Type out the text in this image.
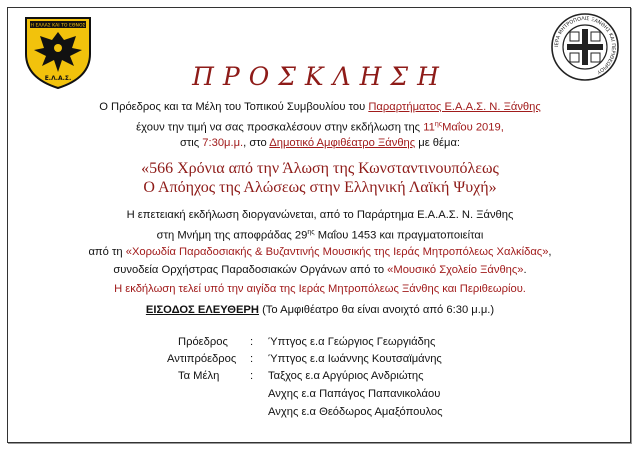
Η ΕΛΛΑΣ ΚΑΙ ΤΟ ΕΘΝΟΣ
Ε.Λ.Α.Σ.
ΙΕΡΑ ΜΗΤΡΟΠΟΛΙΣ ΞΑΝΘΗΣ ΚΑΙ ΠΕΡΙΘΕΩΡΙΟΥ
ΠΡΟΣΚΛΗΣΗ
Ο Πρόεδρος και τα Μέλη του Τοπικού Συμβουλίου του Παραρτήματος Ε.Α.Α.Σ. Ν. Ξάνθης
έχουν την τιμή να σας προσκαλέσουν στην εκδήλωση της $11^{\eta\varsigma}M\alpha ΐo\upsilon$ 2019,
στις 7:30μ.μ., στο Δημοτικό Αμφιθέατρο Ξάνθης με θέμα:
«566 Χρόνια από την Άλωση της Κωνσταντινουπόλεως
Ο Απόηχος της Αλώσεως στην Ελληνική Λαϊκή Ψυχή»
Η επετειακή εκδήλωση διοργανώνεται, από το Παράρτημα Ε.Α.Α.Σ. Ν. Ξάνθης
στη Μνήμη της αποφράδας $29^{\eta\varsigma}$ Μαΐου 1453 και πραγματοποιείται
από τη «Χορωδία Παραδοσιακής & Βυζαντινής Μουσικής της Ιεράς Μητροπόλεως Χαλκίδας»,
συνοδεία Ορχήστρας Παραδοσιακών Οργάνων από το «Μουσικό Σχολείο Ξάνθης».
Η εκδήλωση τελεί υπό την αιγίδα της Ιεράς Μητροπόλεως Ξάνθης και Περιθεωρίου.
ΕΙΣΟΔΟΣ ΕΛΕΥΘΕΡΗ (Το Αμφιθέατρο θα είναι ανοιχτό από 6:30 μ.μ.)
Πρόεδρος : Ύπτγος ε.α Γεώργιος Γεωργιάδης
Αντιπρόεδρος : Ύπτγος ε.α Ιωάννης Κουτσαϊμάνης
Τα Μέλη	: Ταξχος ε.α Αργύριος Ανδριώτης
Ανχης ε.α Παπάγος Παπανικολάου
Ανχης ε.α Θεόδωρος Αμαξόπουλος
